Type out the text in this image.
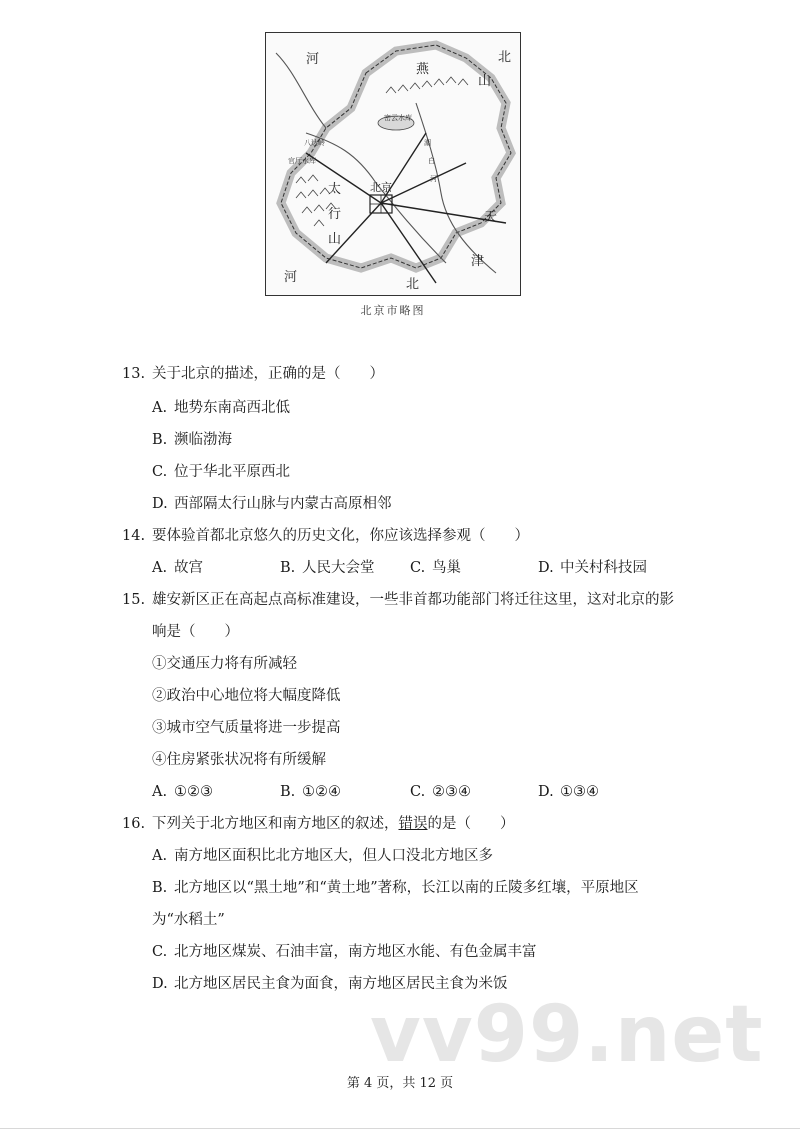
河	北
燕
山
密云水库
八达岭
官厅水库
太
行
山
潮
白
河
北京
天
津
河	北
北京市略图
13. 关于北京的描述，正确的是（　　）
A. 地势东南高西北低
B. 濒临渤海
C. 位于华北平原西北
D. 西部隔太行山脉与内蒙古高原相邻
14. 要体验首都北京悠久的历史文化，你应该选择参观（　　）
A. 故宫	B. 人民大会堂 C. 鸟巢	D. 中关村科技园
15. 雄安新区正在高起点高标准建设，一些非首都功能部门将迁往这里，这对北京的影
响是（　　）
①交通压力将有所减轻
②政治中心地位将大幅度降低
③城市空气质量将进一步提高
④住房紧张状况将有所缓解
A. ①②③	B. ①②④	C. ②③④	D. ①③④
16. 下列关于北方地区和南方地区的叙述，错误的是（　　）
A. 南方地区面积比北方地区大，但人口没北方地区多
B. 北方地区以“黑土地”和“黄土地”著称，长江以南的丘陵多红壤，平原地区
为“水稻土”
C. 北方地区煤炭、石油丰富，南方地区水能、有色金属丰富
D. 北方地区居民主食为面食，南方地区居民主食为米饭
vv99.net
第 4 页，共 12 页
